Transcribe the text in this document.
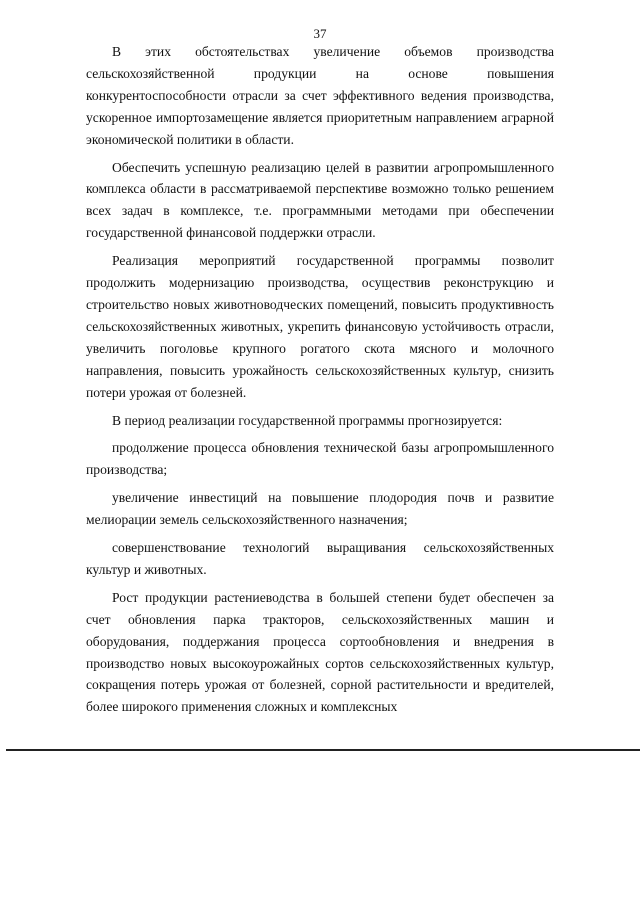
37

В этих обстоятельствах увеличение объемов производства сельскохозяйственной продукции на основе повышения конкурентоспособности отрасли за счет эффективного ведения производства, ускоренное импортозамещение является приоритетным направлением аграрной экономической политики в области.

Обеспечить успешную реализацию целей в развитии агропромышленного комплекса области в рассматриваемой перспективе возможно только решением всех задач в комплексе, т.е. программными методами при обеспечении государственной финансовой поддержки отрасли.

Реализация мероприятий государственной программы позволит продолжить модернизацию производства, осуществив реконструкцию и строительство новых животноводческих помещений, повысить продуктивность сельскохозяйственных животных, укрепить финансовую устойчивость отрасли, увеличить поголовье крупного рогатого скота мясного и молочного направления, повысить урожайность сельскохозяйственных культур, снизить потери урожая от болезней.

В период реализации государственной программы прогнозируется:

продолжение процесса обновления технической базы агропромышленного производства;

увеличение инвестиций на повышение плодородия почв и развитие мелиорации земель сельскохозяйственного назначения;

совершенствование технологий выращивания сельскохозяйственных культур и животных.

Рост продукции растениеводства в большей степени будет обеспечен за счет обновления парка тракторов, сельскохозяйственных машин и оборудования, поддержания процесса сортообновления и внедрения в производство новых высокоурожайных сортов сельскохозяйственных культур, сокращения потерь урожая от болезней, сорной растительности и вредителей, более широкого применения сложных и комплексных
